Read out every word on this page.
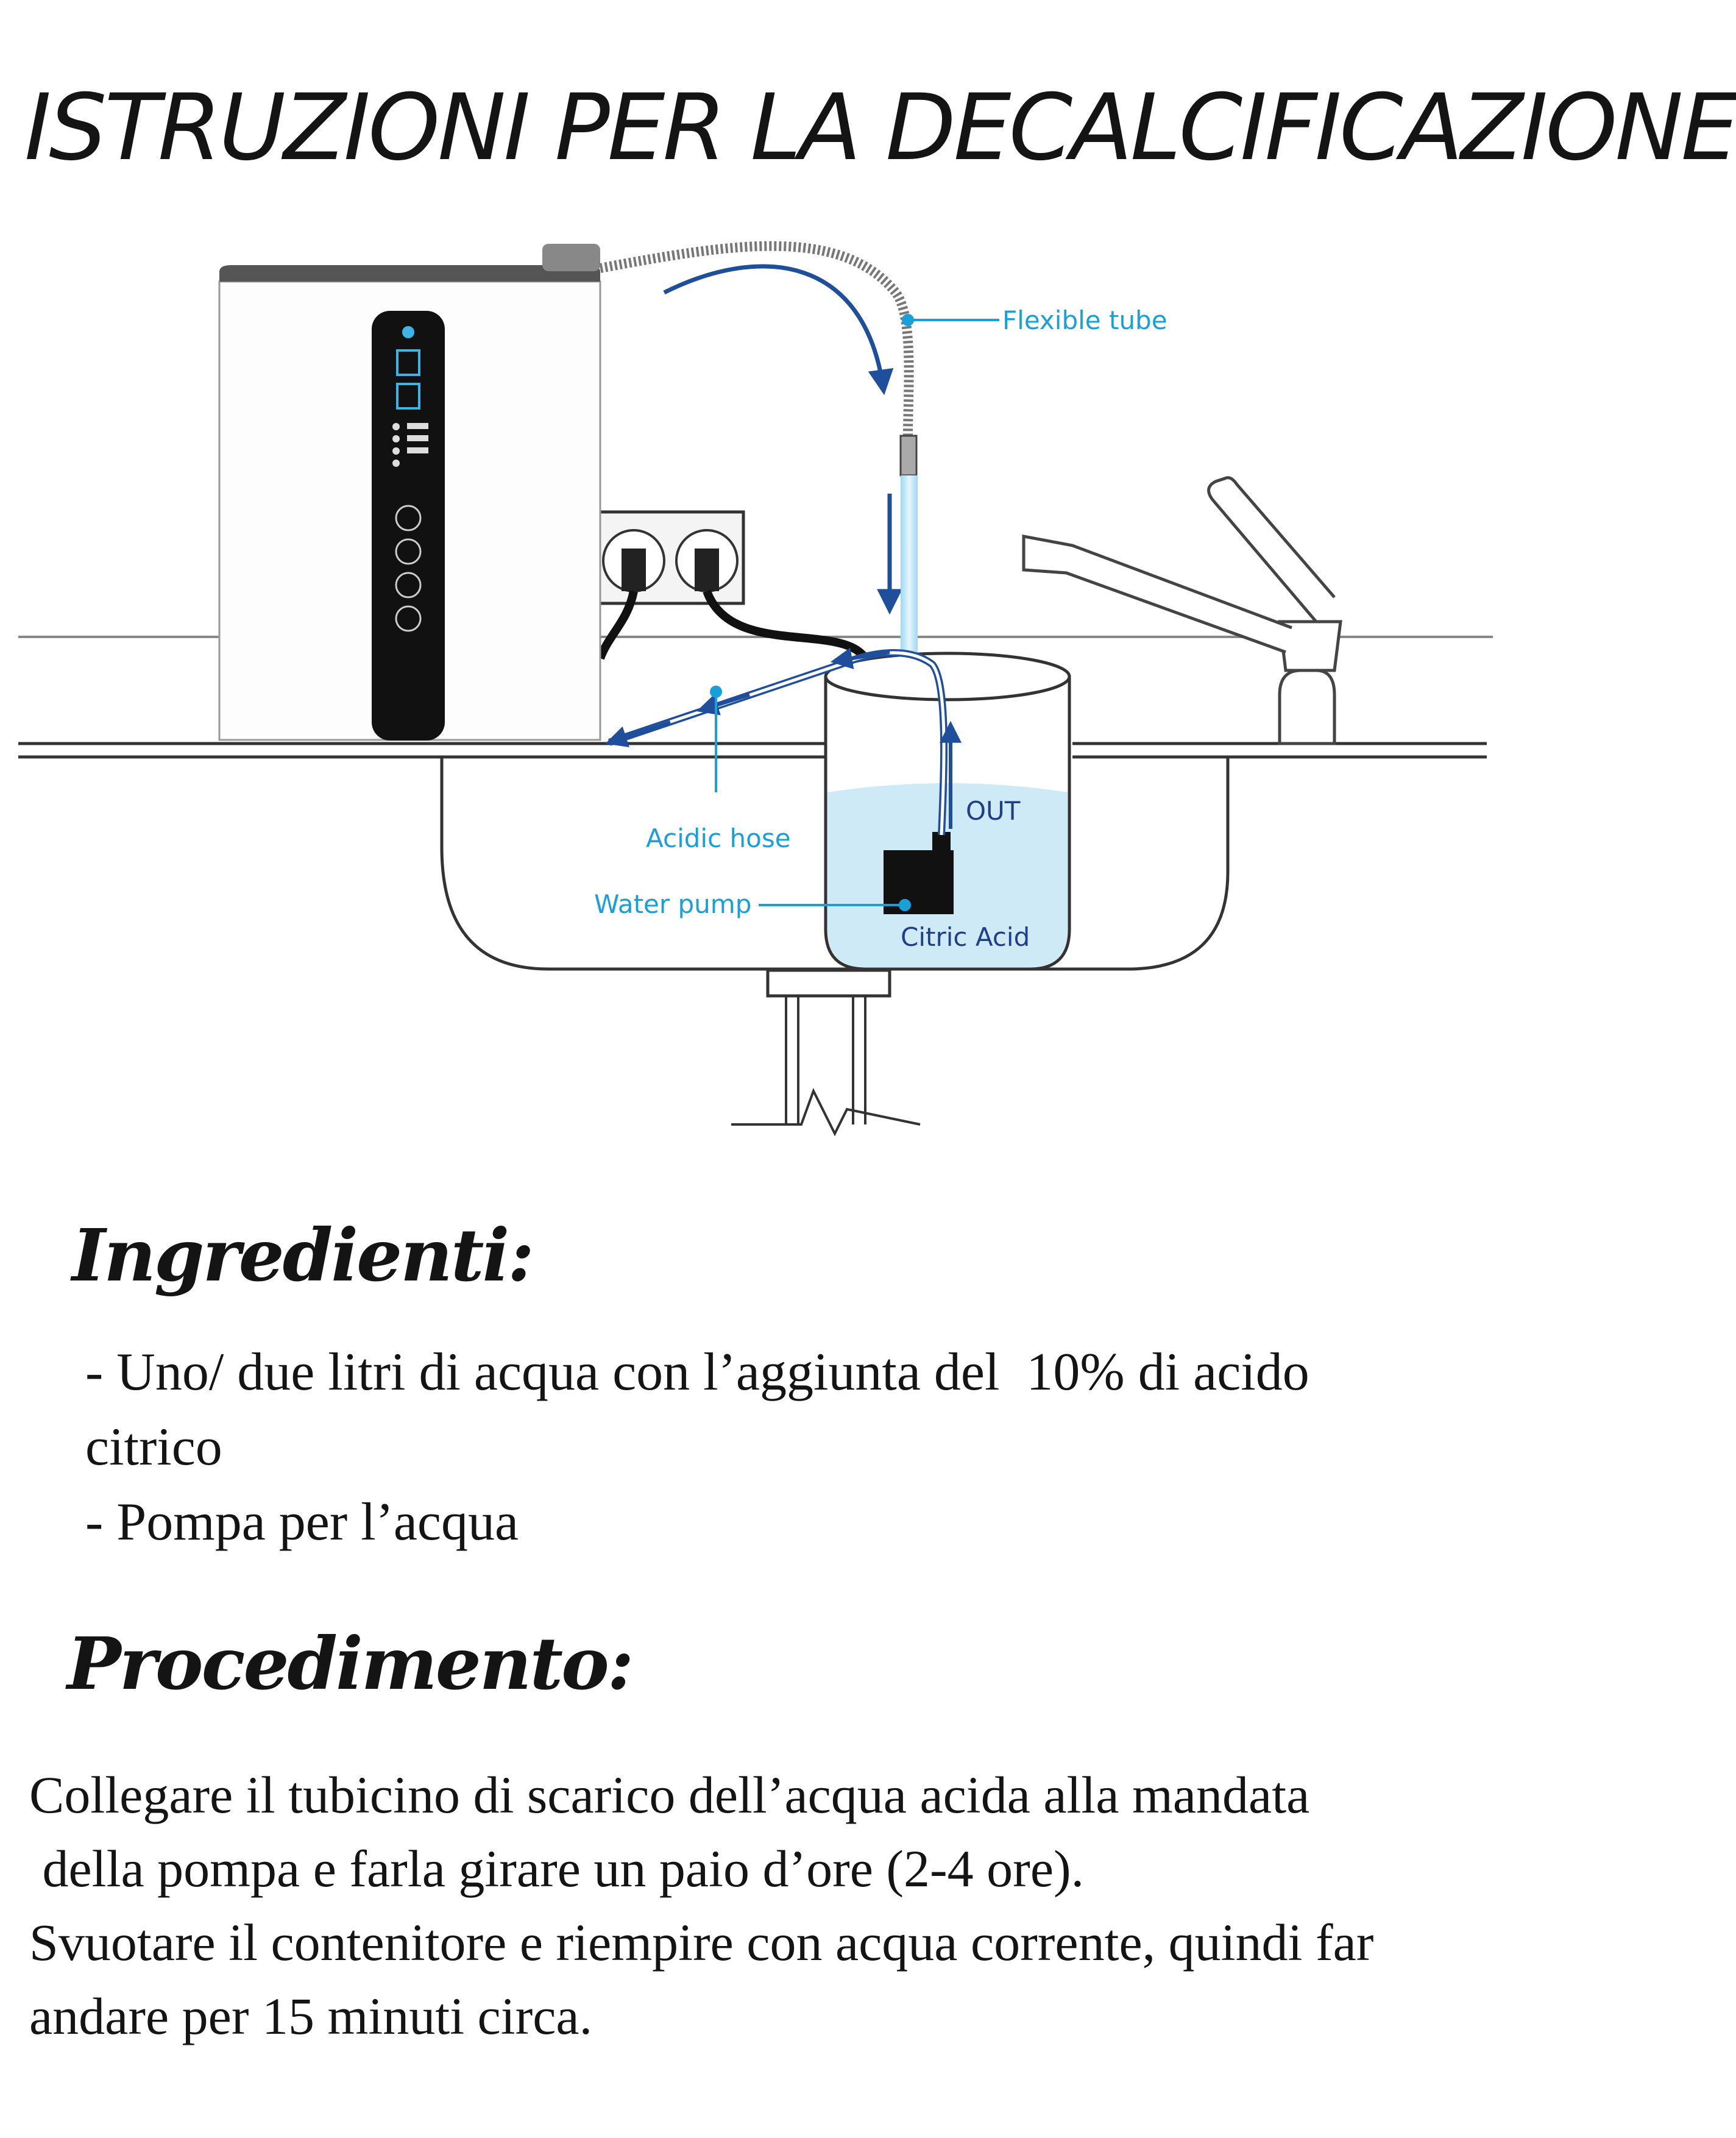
ISTRUZIONI PER LA DECALCIFICAZIONE
Flexible tube
Acidic hose
Water pump
OUT
Citric Acid
Ingredienti:
- Uno/ due litri di acqua con l’aggiunta del  10% di acido
citrico
- Pompa per l’acqua
Procedimento:

Collegare il tubicino di scarico dell’acqua acida alla mandata

della pompa e farla girare un paio d’ore (2-4 ore).

Svuotare il contenitore e riempire con acqua corrente, quindi far

andare per 15 minuti circa.
